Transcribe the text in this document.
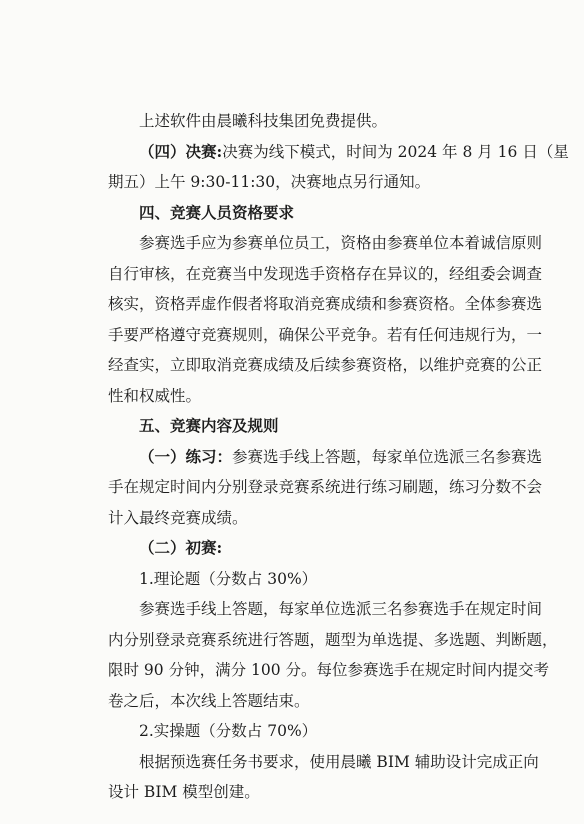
上述软件由晨曦科技集团免费提供。
（四）决赛:决赛为线下模式，时间为 2024 年 8 月 16 日（星
期五）上午 9:30-11:30，决赛地点另行通知。
四、竞赛人员资格要求
参赛选手应为参赛单位员工，资格由参赛单位本着诚信原则
自行审核，在竞赛当中发现选手资格存在异议的，经组委会调查
核实，资格弄虚作假者将取消竞赛成绩和参赛资格。全体参赛选
手要严格遵守竞赛规则，确保公平竞争。若有任何违规行为，一
经查实，立即取消竞赛成绩及后续参赛资格，以维护竞赛的公正
性和权威性。
五、竞赛内容及规则
（一）练习：参赛选手线上答题，每家单位选派三名参赛选
手在规定时间内分别登录竞赛系统进行练习刷题，练习分数不会
计入最终竞赛成绩。
（二）初赛:
1.理论题（分数占 30%）
参赛选手线上答题，每家单位选派三名参赛选手在规定时间
内分别登录竞赛系统进行答题，题型为单选提、多选题、判断题，
限时 90 分钟，满分 100 分。每位参赛选手在规定时间内提交考
卷之后，本次线上答题结束。
2.实操题（分数占 70%）
根据预选赛任务书要求，使用晨曦 BIM 辅助设计完成正向
设计 BIM 模型创建。
